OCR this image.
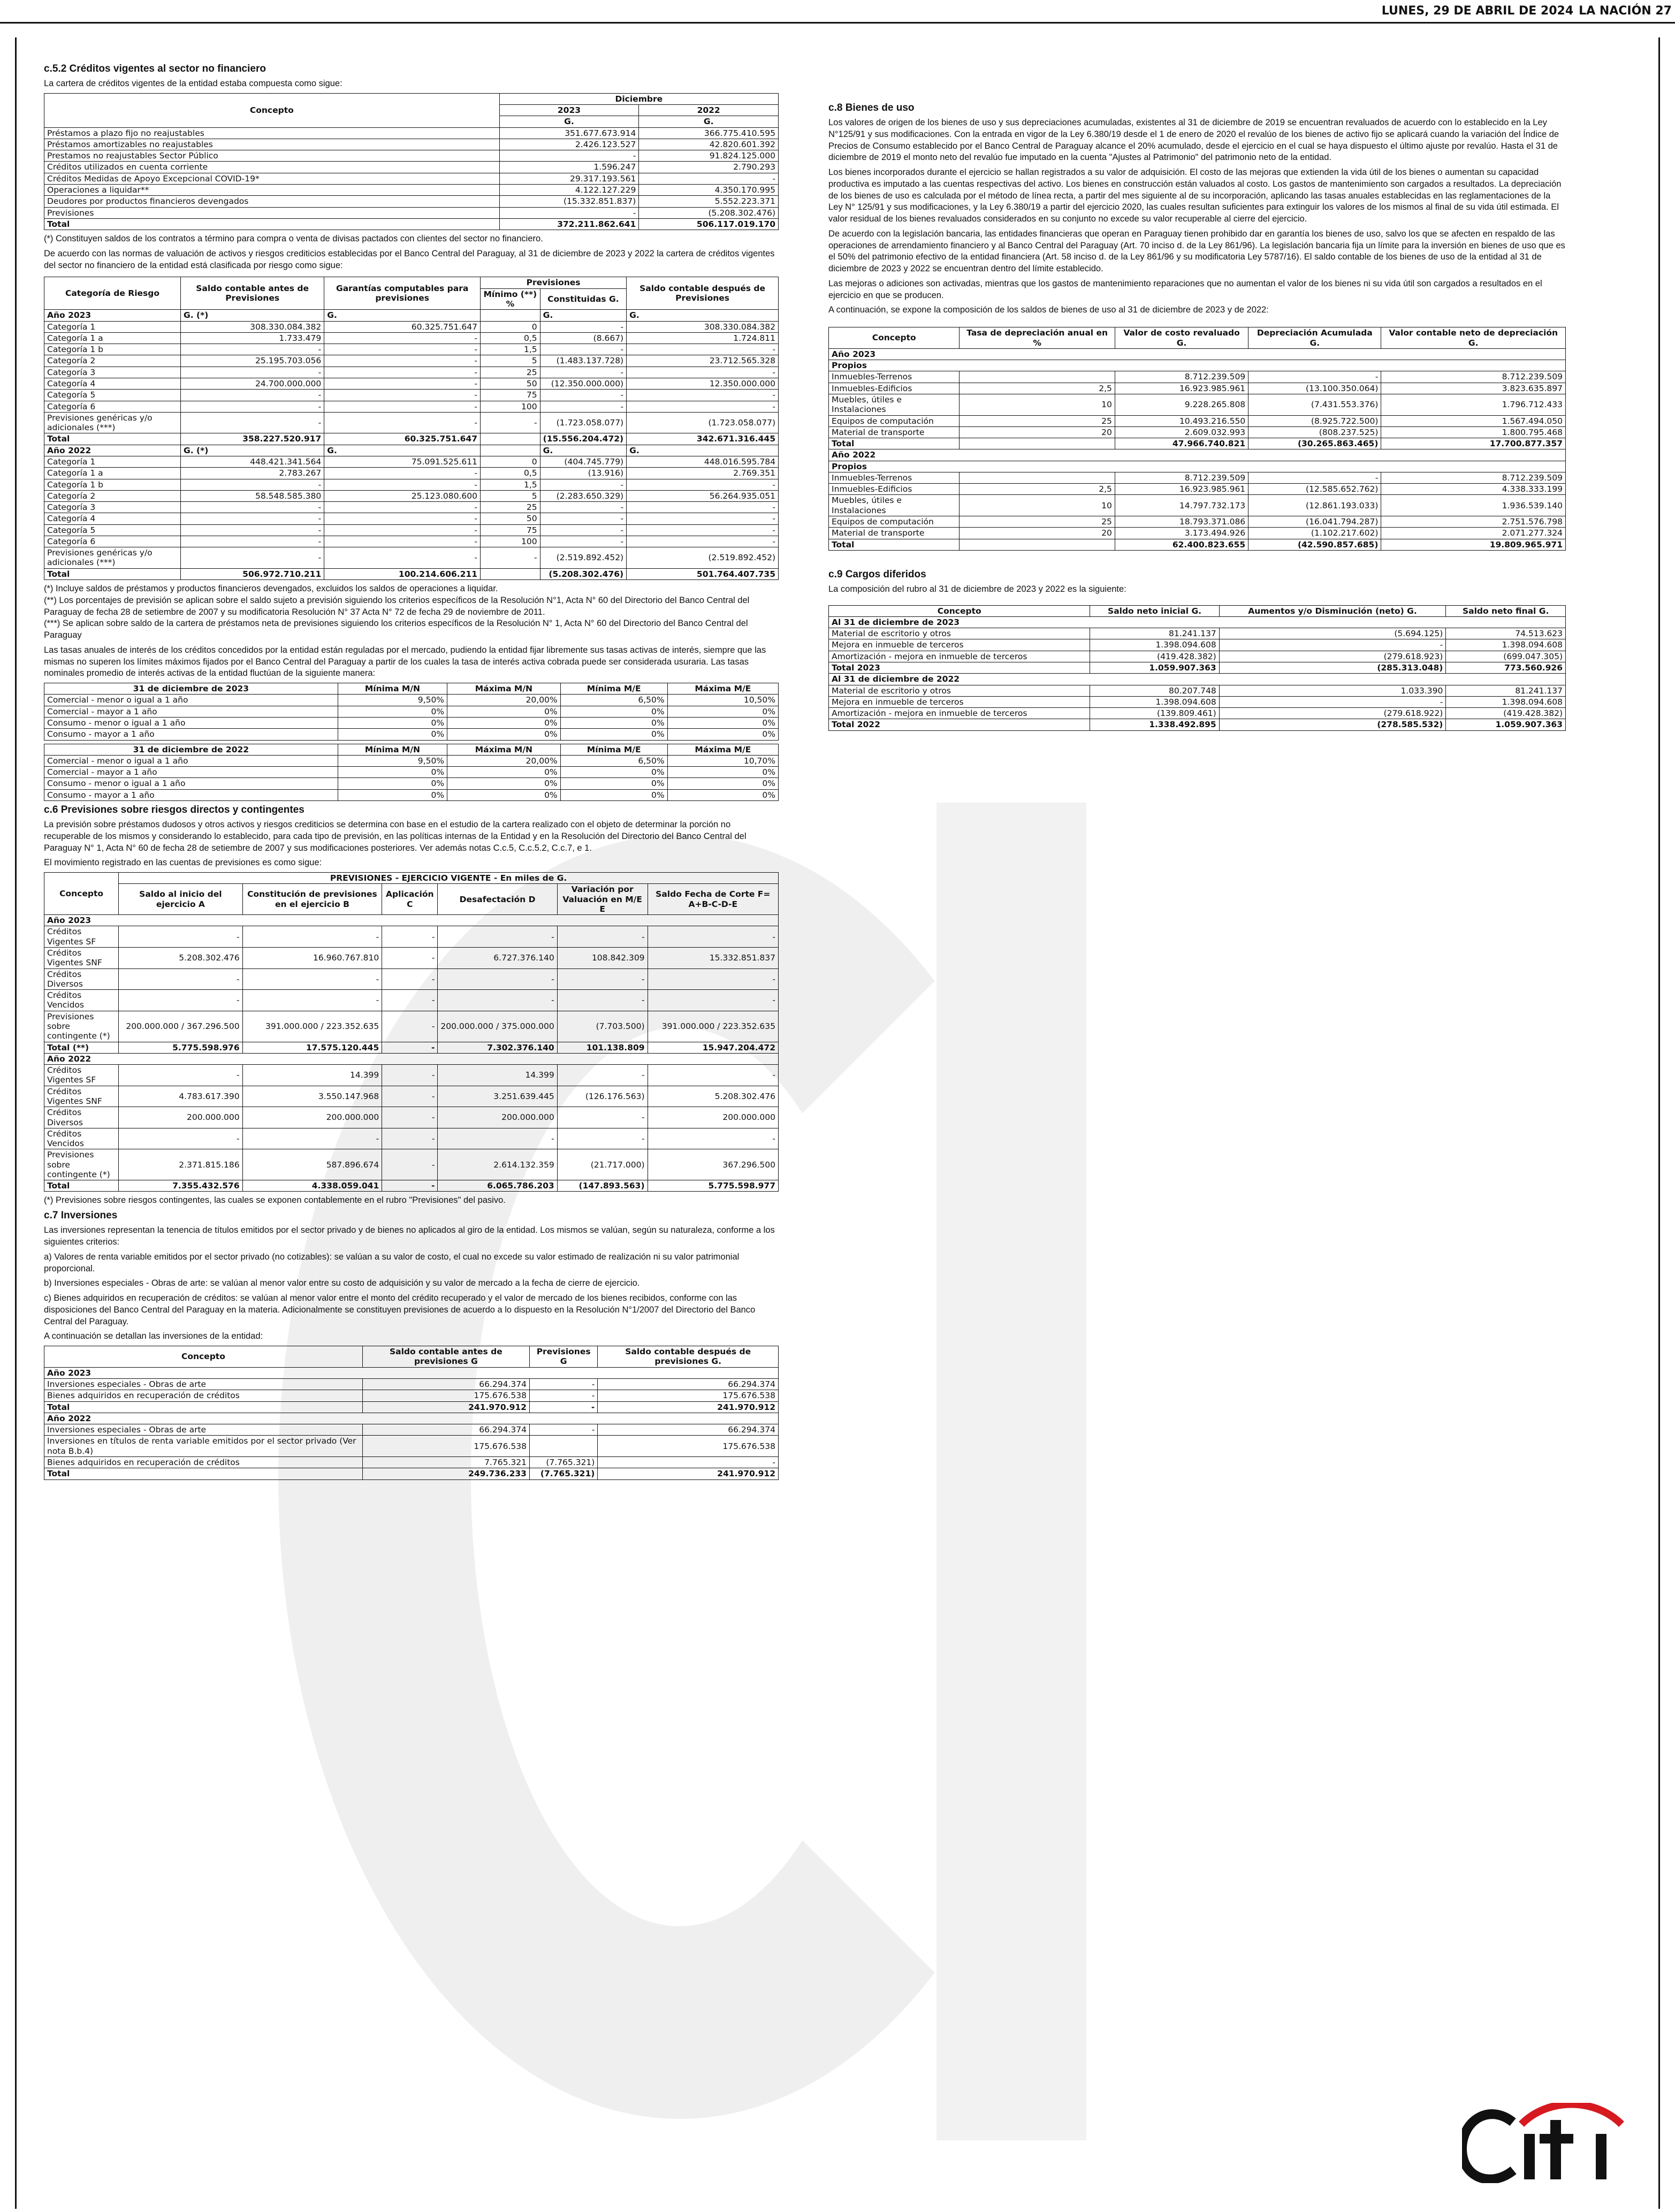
LUNES, 29 DE ABRIL DE 2024 LA NACIÓN 27
c.5.2 Créditos vigentes al sector no financiero
La cartera de créditos vigentes de la entidad estaba compuesta como sigue:
Concepto	Diciembre	
	2023	2022
	G.	G.
Préstamos a plazo fijo no reajustables	351.677.673.914	366.775.410.595
Préstamos amortizables no reajustables	2.426.123.527	42.820.601.392
Prestamos no reajustables Sector Público	-	91.824.125.000
Créditos utilizados en cuenta corriente	1.596.247	2.790.293
Créditos Medidas de Apoyo Excepcional COVID-19*	29.317.193.561	-
Operaciones a liquidar**	4.122.127.229	4.350.170.995
Deudores por productos financieros devengados	(15.332.851.837)	5.552.223.371
Previsiones	-	(5.208.302.476)
Total	372.211.862.641	506.117.019.170
(*) Constituyen saldos de los contratos a término para compra o venta de divisas pactados con clientes del sector no financiero.
De acuerdo con las normas de valuación de activos y riesgos crediticios establecidas por el Banco Central del Paraguay, al 31 de diciembre de 2023 y 2022 la cartera de créditos vigentes del sector no financiero de la entidad está clasificada por riesgo como sigue:
Categoría de Riesgo	Saldo contable antes de Previsiones	Garantías computables para previsiones	Previsiones		Saldo contable después de Previsiones
			Mínimo (**) %	Constituidas G.	
Año 2023	G. (*)	G.		G.	G.
Categoría 1	308.330.084.382	60.325.751.647	0	-	308.330.084.382
Categoría 1 a	1.733.479	-	0,5	(8.667)	1.724.811
Categoría 1 b	-	-	1,5	-	-
Categoría 2	25.195.703.056	-	5	(1.483.137.728)	23.712.565.328
Categoría 3	-	-	25	-	-
Categoría 4	24.700.000.000	-	50	(12.350.000.000)	12.350.000.000
Categoría 5	-	-	75	-	-
Categoría 6	-	-	100	-	-
Previsiones genéricas y/o adicionales (***)	-	-	-	(1.723.058.077)	(1.723.058.077)
Total	358.227.520.917	60.325.751.647		(15.556.204.472)	342.671.316.445
Año 2022	G. (*)	G.		G.	G.
Categoría 1	448.421.341.564	75.091.525.611	0	(404.745.779)	448.016.595.784
Categoría 1 a	2.783.267	-	0,5	(13.916)	2.769.351
Categoría 1 b	-	-	1,5	-	-
Categoría 2	58.548.585.380	25.123.080.600	5	(2.283.650.329)	56.264.935.051
Categoría 3	-	-	25	-	-
Categoría 4	-	-	50	-	-
Categoría 5	-	-	75	-	-
Categoría 6	-	-	100	-	-
Previsiones genéricas y/o adicionales (***)	-	-	-	(2.519.892.452)	(2.519.892.452)
Total	506.972.710.211	100.214.606.211		(5.208.302.476)	501.764.407.735
(*) Incluye saldos de préstamos y productos financieros devengados, excluidos los saldos de operaciones a liquidar.
(**) Los porcentajes de previsión se aplican sobre el saldo sujeto a previsión siguiendo los criterios específicos de la Resolución N°1, Acta N° 60 del Directorio del Banco Central del Paraguay de fecha 28 de setiembre de 2007 y su modificatoria Resolución N° 37 Acta N° 72 de fecha 29 de noviembre de 2011.
(***) Se aplican sobre saldo de la cartera de préstamos neta de previsiones siguiendo los criterios específicos de la Resolución N° 1, Acta N° 60 del Directorio del Banco Central del Paraguay
Las tasas anuales de interés de los créditos concedidos por la entidad están reguladas por el mercado, pudiendo la entidad fijar libremente sus tasas activas de interés, siempre que las mismas no superen los límites máximos fijados por el Banco Central del Paraguay a partir de los cuales la tasa de interés activa cobrada puede ser considerada usuraria. Las tasas nominales promedio de interés activas de la entidad fluctúan de la siguiente manera:
31 de diciembre de 2023	Mínima M/N	Máxima M/N	Mínima M/E	Máxima M/E
Comercial - menor o igual a 1 año	9,50%	20,00%	6,50%	10,50%
Comercial - mayor a 1 año	0%	0%	0%	0%
Consumo - menor o igual a 1 año	0%	0%	0%	0%
Consumo - mayor a 1 año	0%	0%	0%	0%
31 de diciembre de 2022	Mínima M/N	Máxima M/N	Mínima M/E	Máxima M/E
Comercial - menor o igual a 1 año	9,50%	20,00%	6,50%	10,70%
Comercial - mayor a 1 año	0%	0%	0%	0%
Consumo - menor o igual a 1 año	0%	0%	0%	0%
Consumo - mayor a 1 año	0%	0%	0%	0%
c.6 Previsiones sobre riesgos directos y contingentes
La previsión sobre préstamos dudosos y otros activos y riesgos crediticios se determina con base en el estudio de la cartera realizado con el objeto de determinar la porción no recuperable de los mismos y considerando lo establecido, para cada tipo de previsión, en las políticas internas de la Entidad y en la Resolución del Directorio del Banco Central del Paraguay N° 1, Acta N° 60 de fecha 28 de setiembre de 2007 y sus modificaciones posteriores. Ver además notas C.c.5, C.c.5.2, C.c.7, e 1.
El movimiento registrado en las cuentas de previsiones es como sigue:
Concepto	PREVISIONES - EJERCICIO VIGENTE - En miles de G.					
	Saldo al inicio del ejercicio A	Constitución de previsiones en el ejercicio B	Aplicación C	Desafectación D	Variación por Valuación en M/E E	Saldo Fecha de Corte F= A+B-C-D-E
Año 2023						
Créditos Vigentes SF	-	-	-	-	-	-
Créditos Vigentes SNF	5.208.302.476	16.960.767.810	-	6.727.376.140	108.842.309	15.332.851.837
Créditos Diversos	-	-	-	-	-	-
Créditos Vencidos	-	-	-	-	-	-
Previsiones sobre contingente (*)	200.000.000 / 367.296.500	391.000.000 / 223.352.635	-	200.000.000 / 375.000.000	(7.703.500)	391.000.000 / 223.352.635
Total (**)	5.775.598.976	17.575.120.445	-	7.302.376.140	101.138.809	15.947.204.472
Año 2022						
Créditos Vigentes SF	-	14.399	-	14.399	-	-
Créditos Vigentes SNF	4.783.617.390	3.550.147.968	-	3.251.639.445	(126.176.563)	5.208.302.476
Créditos Diversos	200.000.000	200.000.000	-	200.000.000	-	200.000.000
Créditos Vencidos	-	-	-	-	-	-
Previsiones sobre contingente (*)	2.371.815.186	587.896.674	-	2.614.132.359	(21.717.000)	367.296.500
Total	7.355.432.576	4.338.059.041	-	6.065.786.203	(147.893.563)	5.775.598.977
(*) Previsiones sobre riesgos contingentes, las cuales se exponen contablemente en el rubro "Previsiones" del pasivo.
c.7 Inversiones
Las inversiones representan la tenencia de títulos emitidos por el sector privado y de bienes no aplicados al giro de la entidad. Los mismos se valúan, según su naturaleza, conforme a los siguientes criterios:
a) Valores de renta variable emitidos por el sector privado (no cotizables): se valúan a su valor de costo, el cual no excede su valor estimado de realización ni su valor patrimonial proporcional.
b) Inversiones especiales - Obras de arte: se valúan al menor valor entre su costo de adquisición y su valor de mercado a la fecha de cierre de ejercicio.
c) Bienes adquiridos en recuperación de créditos: se valúan al menor valor entre el monto del crédito recuperado y el valor de mercado de los bienes recibidos, conforme con las disposiciones del Banco Central del Paraguay en la materia. Adicionalmente se constituyen previsiones de acuerdo a lo dispuesto en la Resolución N°1/2007 del Directorio del Banco Central del Paraguay.
A continuación se detallan las inversiones de la entidad:
Concepto	Saldo contable antes de previsiones G	Previsiones G	Saldo contable después de previsiones G.
Año 2023			
Inversiones especiales - Obras de arte	66.294.374	-	66.294.374
Bienes adquiridos en recuperación de créditos	175.676.538	-	175.676.538
Total	241.970.912	-	241.970.912
Año 2022			
Inversiones especiales - Obras de arte	66.294.374	-	66.294.374
Inversiones en títulos de renta variable emitidos por el sector privado (Ver nota B.b.4)	175.676.538		175.676.538
Bienes adquiridos en recuperación de créditos	7.765.321	(7.765.321)	-
Total	249.736.233	(7.765.321)	241.970.912
c.8 Bienes de uso
Los valores de origen de los bienes de uso y sus depreciaciones acumuladas, existentes al 31 de diciembre de 2019 se encuentran revaluados de acuerdo con lo establecido en la Ley N°125/91 y sus modificaciones. Con la entrada en vigor de la Ley 6.380/19 desde el 1 de enero de 2020 el revalúo de los bienes de activo fijo se aplicará cuando la variación del Índice de Precios de Consumo establecido por el Banco Central de Paraguay alcance el 20% acumulado, desde el ejercicio en el cual se haya dispuesto el último ajuste por revalúo. Hasta el 31 de diciembre de 2019 el monto neto del revalúo fue imputado en la cuenta "Ajustes al Patrimonio" del patrimonio neto de la entidad.
Los bienes incorporados durante el ejercicio se hallan registrados a su valor de adquisición. El costo de las mejoras que extienden la vida útil de los bienes o aumentan su capacidad productiva es imputado a las cuentas respectivas del activo. Los bienes en construcción están valuados al costo. Los gastos de mantenimiento son cargados a resultados. La depreciación de los bienes de uso es calculada por el método de línea recta, a partir del mes siguiente al de su incorporación, aplicando las tasas anuales establecidas en las reglamentaciones de la Ley N° 125/91 y sus modificaciones, y la Ley 6.380/19 a partir del ejercicio 2020, las cuales resultan suficientes para extinguir los valores de los mismos al final de su vida útil estimada. El valor residual de los bienes revaluados considerados en su conjunto no excede su valor recuperable al cierre del ejercicio.
De acuerdo con la legislación bancaria, las entidades financieras que operan en Paraguay tienen prohibido dar en garantía los bienes de uso, salvo los que se afecten en respaldo de las operaciones de arrendamiento financiero y al Banco Central del Paraguay (Art. 70 inciso d. de la Ley 861/96). La legislación bancaria fija un límite para la inversión en bienes de uso que es el 50% del patrimonio efectivo de la entidad financiera (Art. 58 inciso d. de la Ley 861/96 y su modificatoria Ley 5787/16). El saldo contable de los bienes de uso de la entidad al 31 de diciembre de 2023 y 2022 se encuentran dentro del límite establecido.
Las mejoras o adiciones son activadas, mientras que los gastos de mantenimiento reparaciones que no aumentan el valor de los bienes ni su vida útil son cargados a resultados en el ejercicio en que se producen.
A continuación, se expone la composición de los saldos de bienes de uso al 31 de diciembre de 2023 y de 2022:
Concepto	Tasa de depreciación anual en %	Valor de costo revaluado G.	Depreciación Acumulada G.	Valor contable neto de depreciación G.
Año 2023				
Propios				
Inmuebles-Terrenos		8.712.239.509	-	8.712.239.509
Inmuebles-Edificios	2,5	16.923.985.961	(13.100.350.064)	3.823.635.897
Muebles, útiles e Instalaciones	10	9.228.265.808	(7.431.553.376)	1.796.712.433
Equipos de computación	25	10.493.216.550	(8.925.722.500)	1.567.494.050
Material de transporte	20	2.609.032.993	(808.237.525)	1.800.795.468
Total		47.966.740.821	(30.265.863.465)	17.700.877.357
Año 2022				
Propios				
Inmuebles-Terrenos		8.712.239.509	-	8.712.239.509
Inmuebles-Edificios	2,5	16.923.985.961	(12.585.652.762)	4.338.333.199
Muebles, útiles e Instalaciones	10	14.797.732.173	(12.861.193.033)	1.936.539.140
Equipos de computación	25	18.793.371.086	(16.041.794.287)	2.751.576.798
Material de transporte	20	3.173.494.926	(1.102.217.602)	2.071.277.324
Total		62.400.823.655	(42.590.857.685)	19.809.965.971
c.9 Cargos diferidos
La composición del rubro al 31 de diciembre de 2023 y 2022 es la siguiente:
Concepto	Saldo neto inicial G.	Aumentos y/o Disminución (neto) G.	Saldo neto final G.
Al 31 de diciembre de 2023			
Material de escritorio y otros	81.241.137	(5.694.125)	74.513.623
Mejora en inmueble de terceros	1.398.094.608	-	1.398.094.608
Amortización - mejora en inmueble de terceros	(419.428.382)	(279.618.923)	(699.047.305)
Total 2023	1.059.907.363	(285.313.048)	773.560.926
Al 31 de diciembre de 2022			
Material de escritorio y otros	80.207.748	1.033.390	81.241.137
Mejora en inmueble de terceros	1.398.094.608	-	1.398.094.608
Amortización - mejora en inmueble de terceros	(139.809.461)	(279.618.922)	(419.428.382)
Total 2022	1.338.492.895	(278.585.532)	1.059.907.363
